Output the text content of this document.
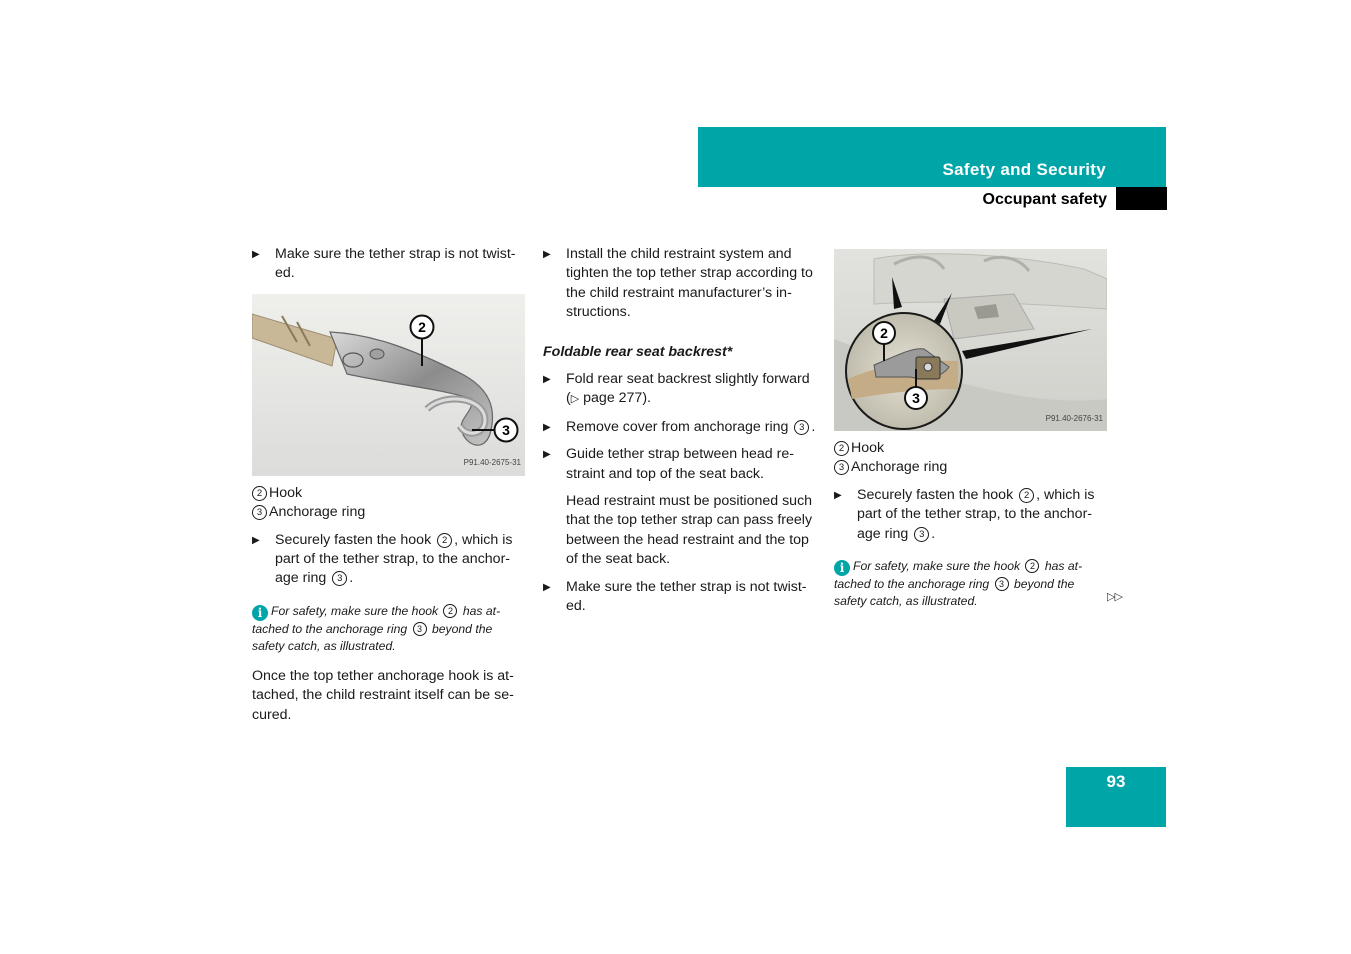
Safety and Security
Occupant safety
▶ Make sure the tether strap is not twist-ed.
2
3
P91.40-2675-31
2 Hook
3 Anchorage ring
▶ Securely fasten the hook 2 , which is part of the tether strap, to the anchor-age ring 3 .
i For safety, make sure the hook 2 has at-tached to the anchorage ring 3 beyond the safety catch, as illustrated.
Once the top tether anchorage hook is at-tached, the child restraint itself can be se-cured.
▶ Install the child restraint system and tighten the top tether strap according to the child restraint manufacturer’s in-structions.
Foldable rear seat backrest*
▶ Fold rear seat backrest slightly forward (▷ page 277).
▶ Remove cover from anchorage ring 3 .
▶ Guide tether strap between head re-straint and top of the seat back.
Head restraint must be positioned such that the top tether strap can pass freely between the head restraint and the top of the seat back.
▶ Make sure the tether strap is not twist-ed.
2
3
P91.40-2676-31
2 Hook
3 Anchorage ring
▶ Securely fasten the hook 2 , which is part of the tether strap, to the anchor-age ring 3 .
i For safety, make sure the hook 2 has at-tached to the anchorage ring 3 beyond the safety catch, as illustrated.	▷▷
93
